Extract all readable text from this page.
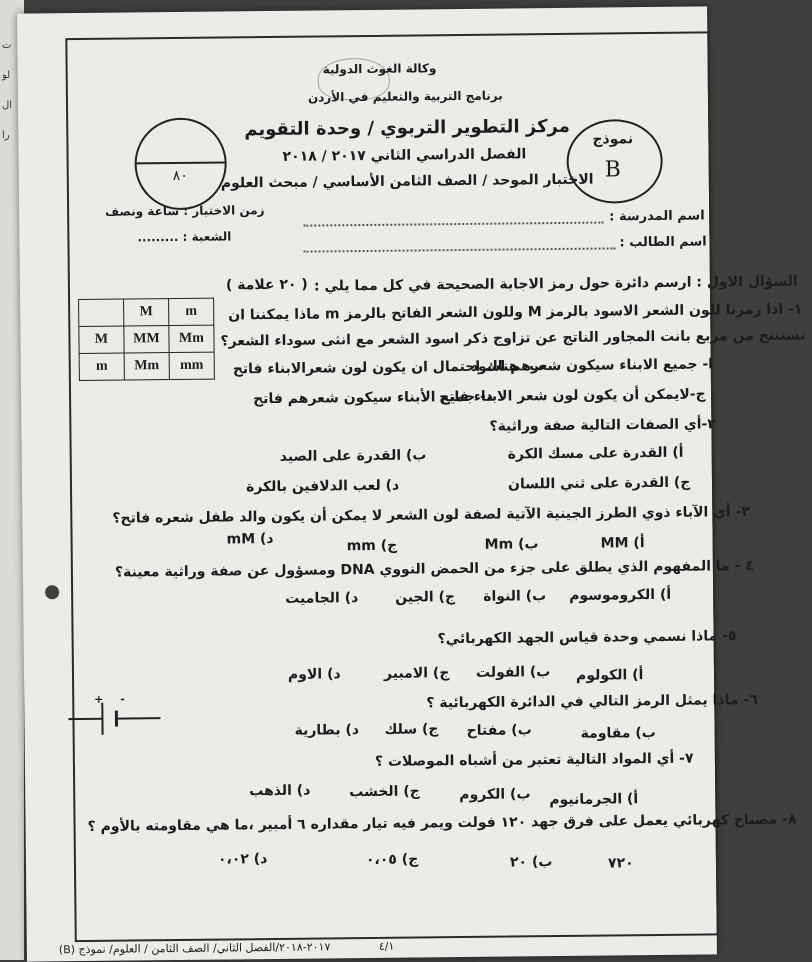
ت
لو
ال
را
وكالة الغوث الدولية
برنامج التربية والتعليم في الأردن
مركز التطوير التربوي / وحدة التقويم
الفصل الدراسي الثاني ٢٠١٧ / ٢٠١٨
الاختبار الموحد / الصف الثامن الأساسي / مبحث العلوم
٨٠
نموذج
B
اسم المدرسة :
زمن الاختبار : ساعة ونصف
اسم الطالب :
الشعبة : .........
السؤال الاول : ارسم دائرة حول رمز الاجابة الصحيحة في كل مما يلي :
( ٢٠ علامة )
	M	m
M	MM	Mm
m	Mm	mm
١- اذا رمزنا للون الشعر الاسود بالرمز M وللون الشعر الفاتح بالرمز m ماذا يمكننا ان
نستنتج من مربع بانت المجاور الناتج عن تزاوج ذكر اسود الشعر مع انثى سوداء الشعر؟
ا- جميع الابناء سيكون شعرهم اسود
ب- هناك احتمال ان يكون لون شعرالابناء فاتح
ج-لايمكن أن يكون لون شعر الابناء فاتح
د- جميع الأبناء سيكون شعرهم فاتح
٢-أي الصفات التالية صفة وراثية؟
أ) القدرة على مسك الكرة
ب) القدرة على الصيد
ج) القدرة على ثني اللسان
د) لعب الدلافين بالكرة
٣- أي الآباء ذوي الطرز الجينية الآتية لصفة لون الشعر لا يمكن أن يكون والد طفل شعره فاتح؟
أ) MM
ب) Mm
ج) mm
د) mM
٤ - ما المفهوم الذي يطلق على جزء من الحمض النووي DNA ومسؤول عن صفة وراثية معينة؟
أ) الكروموسوم
ب) النواة
ج) الجين
د) الجاميت
٥- ماذا نسمي وحدة قياس الجهد الكهربائي؟
أ) الكولوم
ب) الفولت
ج) الامبير
د) الاوم
٦- ماذا يمثل الرمز التالي في الدائرة الكهربائية ؟
+ -
ب) مقاومة
ب) مفتاح
ج) سلك
د) بطارية
٧- أي المواد التالية تعتبر من أشباه الموصلات ؟
أ) الجرمانيوم
ب) الكروم
ج) الخشب
د) الذهب
٨- مصباح كهربائي يعمل على فرق جهد ١٢٠ فولت ويمر فيه تيار مقداره ٦ أمبير ،ما هي مقاومته بالأوم ؟
٧٢٠
ب) ٢٠
ج) ٠،٠٥
د) ٠،٠٢
٤/١
٢٠١٧-٢٠١٨/الفصل الثاني/ الصف الثامن / العلوم/ نموذج (B)
